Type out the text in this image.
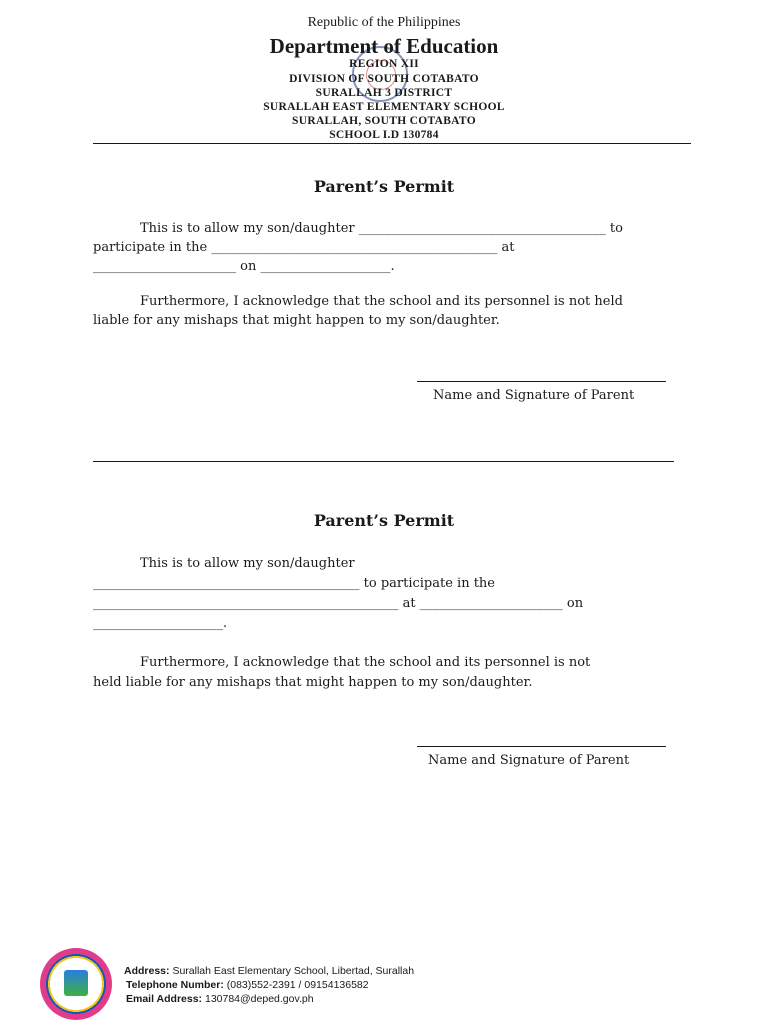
Republic of the Philippines
Department of Education
REGION XII
DIVISION OF SOUTH COTABATO
SURALLAH 3 DISTRICT
SURALLAH EAST ELEMENTARY SCHOOL
SURALLAH, SOUTH COTABATO
SCHOOL I.D 130784
Parent’s Permit
This is to allow my son/daughter ______________________________________ to
participate in the ____________________________________________ at
______________________ on ____________________.
Furthermore, I acknowledge that the school and its personnel is not held
liable for any mishaps that might happen to my son/daughter.
Name and Signature of Parent
Parent’s Permit
This is to allow my son/daughter
_________________________________________ to participate in the
_______________________________________________ at ______________________ on
____________________.
Furthermore, I acknowledge that the school and its personnel is not
held liable for any mishaps that might happen to my son/daughter.
Name and Signature of Parent
Address: Surallah East Elementary School, Libertad, Surallah
Telephone Number: (083)552-2391 / 09154136582
Email Address: 130784@deped.gov.ph
